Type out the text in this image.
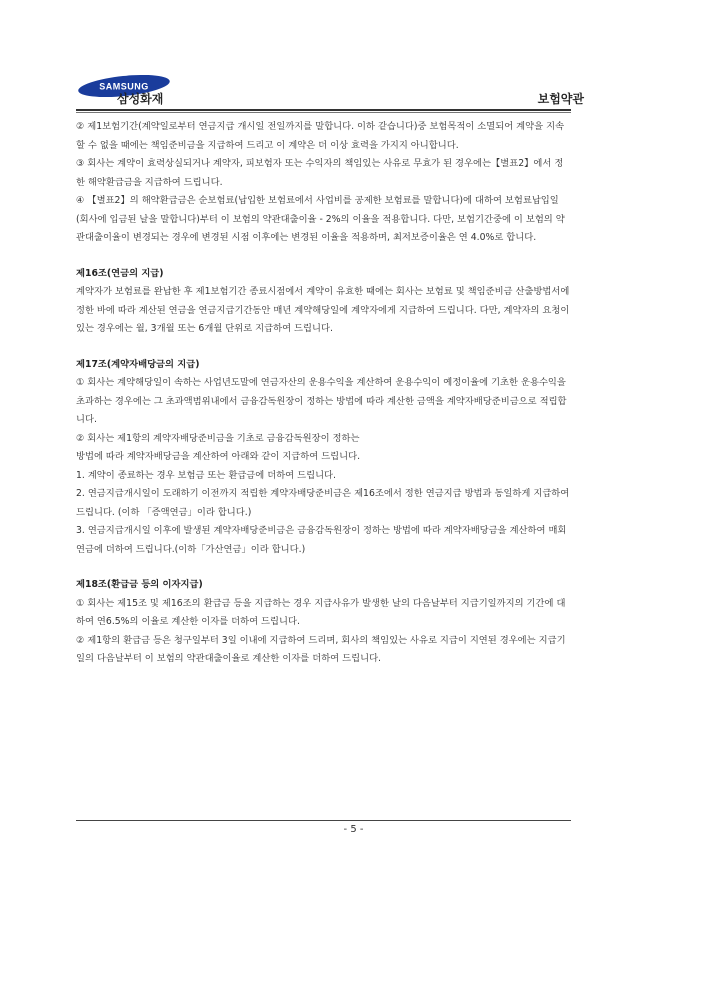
SAMSUNG
삼성화재	보험약관

② 제1보험기간(계약일로부터 연금지급 개시일 전일까지를 말합니다. 이하 같습니다)중 보험목적이 소멸되어 계약을 지속할 수 없을 때에는 책임준비금을 지급하여 드리고 이 계약은 더 이상 효력을 가지지 아니합니다.

③ 회사는 계약이 효력상실되거나 계약자, 피보험자 또는 수익자의 책임있는 사유로 무효가 된 경우에는【별표2】에서 정한 해약환급금을 지급하여 드립니다.

④ 【별표2】의 해약환급금은 순보험료(납입한 보험료에서 사업비를 공제한 보험료를 말합니다)에 대하여 보험료납입일(회사에 입금된 날을 말합니다)부터 이 보험의 약관대출이율 - 2%의 이율을 적용합니다. 다만, 보험기간중에 이 보험의 약관대출이율이 변경되는 경우에 변경된 시점 이후에는 변경된 이율을 적용하며, 최저보증이율은 연 4.0%로 합니다.

제16조(연금의 지급)

계약자가 보험료를 완납한 후 제1보험기간 종료시점에서 계약이 유효한 때에는 회사는 보험료 및 책임준비금 산출방법서에 정한 바에 따라 계산된 연금을 연금지급기간동안 매년 계약해당일에 계약자에게 지급하여 드립니다. 다만, 계약자의 요청이 있는 경우에는 월, 3개월 또는 6개월 단위로 지급하여 드립니다.

제17조(계약자배당금의 지급)

① 회사는 계약해당일이 속하는 사업년도말에 연금자산의 운용수익을 계산하여 운용수익이 예정이율에 기초한 운용수익을 초과하는 경우에는 그 초과액범위내에서 금융감독원장이 정하는 방법에 따라 계산한 금액을 계약자배당준비금으로 적립합니다.

② 회사는 제1항의 계약자배당준비금을 기초로 금융감독원장이 정하는

방법에 따라 계약자배당금을 계산하여 아래와 같이 지급하여 드립니다.

1. 계약이 종료하는 경우 보험금 또는 환급금에 더하여 드립니다.

2. 연금지급개시일이 도래하기 이전까지 적립한 계약자배당준비금은 제16조에서 정한 연금지급 방법과 동일하게 지급하여 드립니다. (이하 「증액연금」이라 합니다.)

3. 연금지급개시일 이후에 발생된 계약자배당준비금은 금융감독원장이 정하는 방법에 따라 계약자배당금을 계산하여 매회 연금에 더하여 드립니다.(이하「가산연금」이라 합니다.)

제18조(환급금 등의 이자지급)

① 회사는 제15조 및 제16조의 환급금 등을 지급하는 경우 지급사유가 발생한 날의 다음날부터 지급기일까지의 기간에 대하여 연6.5%의 이율로 계산한 이자를 더하여 드립니다.

② 제1항의 환급금 등은 청구일부터 3일 이내에 지급하여 드리며, 회사의 책임있는 사유로 지급이 지연된 경우에는 지급기일의 다음날부터 이 보험의 약관대출이율로 계산한 이자를 더하여 드립니다.

- 5 -
